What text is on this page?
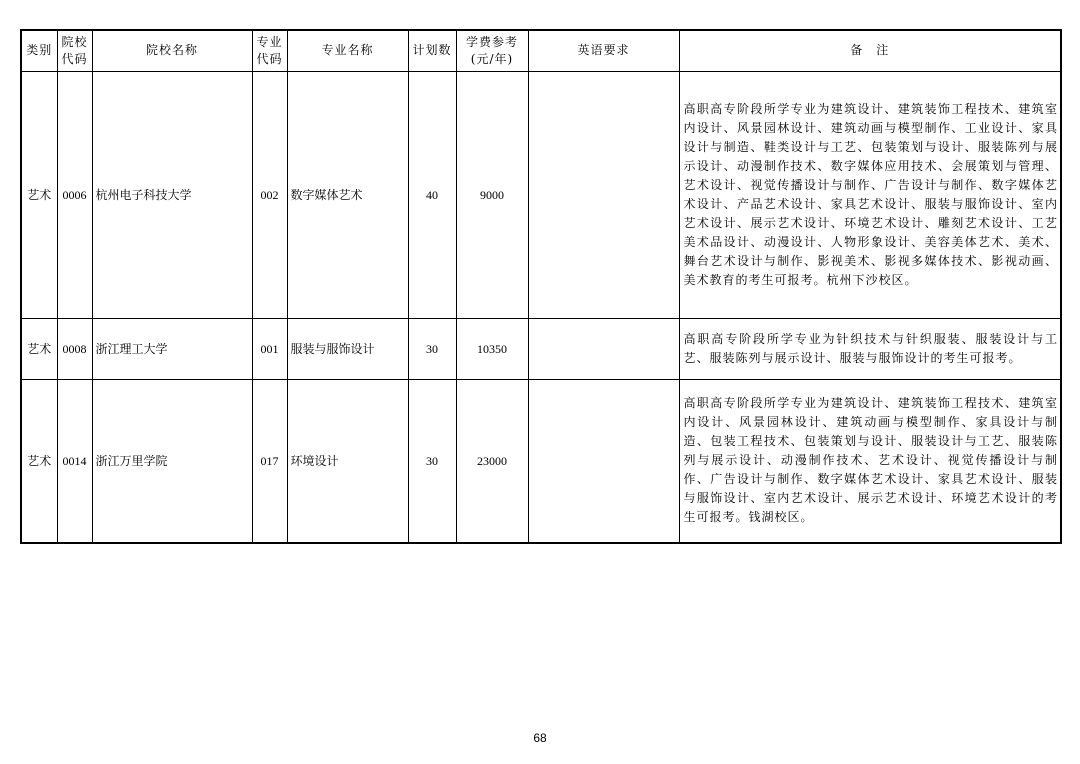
类别	院校代码	院校名称	专业代码	专业名称	计划数	学费参考(元/年)	英语要求	备　注
艺术	0006	杭州电子科技大学	002	数字媒体艺术	40	9000		高职高专阶段所学专业为建筑设计、建筑装饰工程技术、建筑室内设计、风景园林设计、建筑动画与模型制作、工业设计、家具设计与制造、鞋类设计与工艺、包装策划与设计、服装陈列与展示设计、动漫制作技术、数字媒体应用技术、会展策划与管理、艺术设计、视觉传播设计与制作、广告设计与制作、数字媒体艺术设计、产品艺术设计、家具艺术设计、服装与服饰设计、室内艺术设计、展示艺术设计、环境艺术设计、雕刻艺术设计、工艺美术品设计、动漫设计、人物形象设计、美容美体艺术、美术、舞台艺术设计与制作、影视美术、影视多媒体技术、影视动画、美术教育的考生可报考。杭州下沙校区。
艺术	0008	浙江理工大学	001	服装与服饰设计	30	10350		高职高专阶段所学专业为针织技术与针织服装、服装设计与工艺、服装陈列与展示设计、服装与服饰设计的考生可报考。
艺术	0014	浙江万里学院	017	环境设计	30	23000		高职高专阶段所学专业为建筑设计、建筑装饰工程技术、建筑室内设计、风景园林设计、建筑动画与模型制作、家具设计与制造、包装工程技术、包装策划与设计、服装设计与工艺、服装陈列与展示设计、动漫制作技术、艺术设计、视觉传播设计与制作、广告设计与制作、数字媒体艺术设计、家具艺术设计、服装与服饰设计、室内艺术设计、展示艺术设计、环境艺术设计的考生可报考。钱湖校区。
68
